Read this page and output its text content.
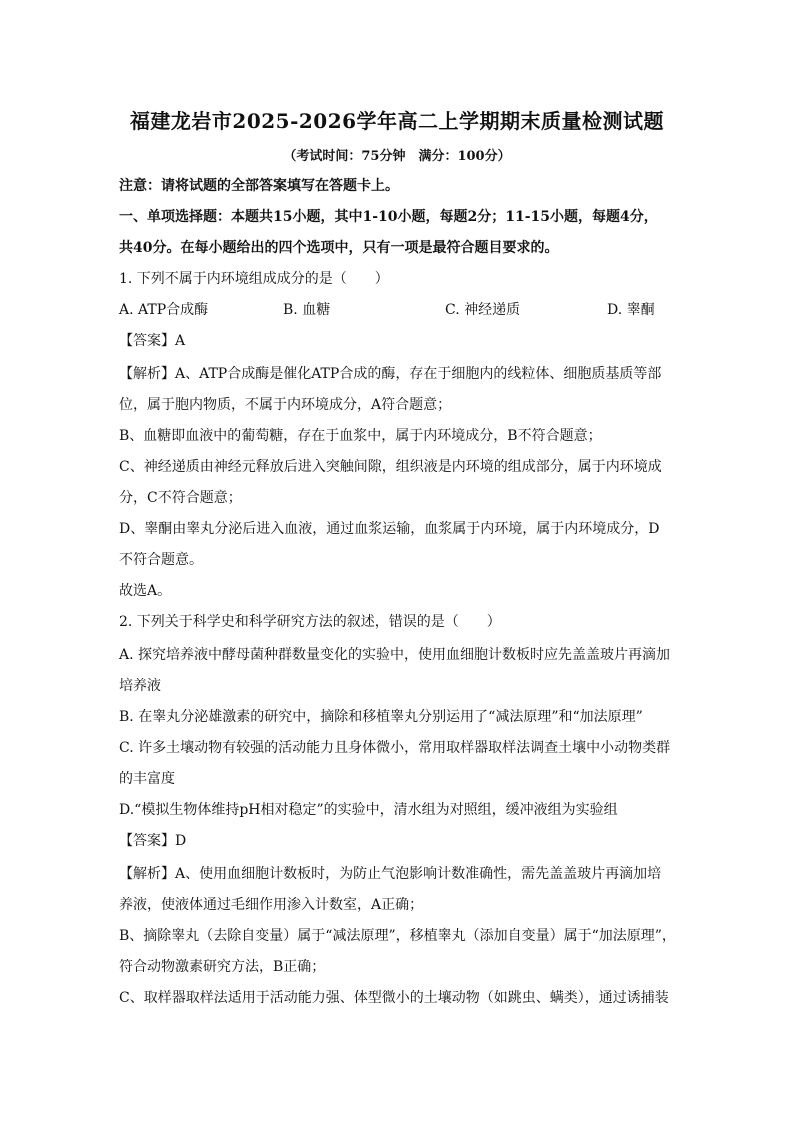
福建龙岩市2025-2026学年高二上学期期末质量检测试题
（考试时间：75分钟　满分：100分）
注意：请将试题的全部答案填写在答题卡上。
一、单项选择题：本题共15小题，其中1-10小题，每题2分；11-15小题，每题4分，
共40分。在每小题给出的四个选项中，只有一项是最符合题目要求的。
1. 下列不属于内环境组成成分的是（　　）
A. ATP合成酶	B. 血糖	C. 神经递质	D. 睾酮
【答案】A
【解析】A、ATP合成酶是催化ATP合成的酶，存在于细胞内的线粒体、细胞质基质等部
位，属于胞内物质，不属于内环境成分，A符合题意；
B、血糖即血液中的葡萄糖，存在于血浆中，属于内环境成分，B不符合题意；
C、神经递质由神经元释放后进入突触间隙，组织液是内环境的组成部分，属于内环境成
分，C不符合题意；
D、睾酮由睾丸分泌后进入血液，通过血浆运输，血浆属于内环境，属于内环境成分，D
不符合题意。
故选A。
2. 下列关于科学史和科学研究方法的叙述，错误的是（　　）
A. 探究培养液中酵母菌种群数量变化的实验中，使用血细胞计数板时应先盖盖玻片再滴加
培养液
B. 在睾丸分泌雄激素的研究中，摘除和移植睾丸分别运用了“减法原理”和“加法原理”
C. 许多土壤动物有较强的活动能力且身体微小，常用取样器取样法调查土壤中小动物类群
的丰富度
D.“模拟生物体维持pH相对稳定”的实验中，清水组为对照组，缓冲液组为实验组
【答案】D
【解析】A、使用血细胞计数板时，为防止气泡影响计数准确性，需先盖盖玻片再滴加培
养液，使液体通过毛细作用渗入计数室，A正确；
B、摘除睾丸（去除自变量）属于“减法原理”，移植睾丸（添加自变量）属于“加法原理”，
符合动物激素研究方法，B正确；
C、取样器取样法适用于活动能力强、体型微小的土壤动物（如跳虫、螨类），通过诱捕装
